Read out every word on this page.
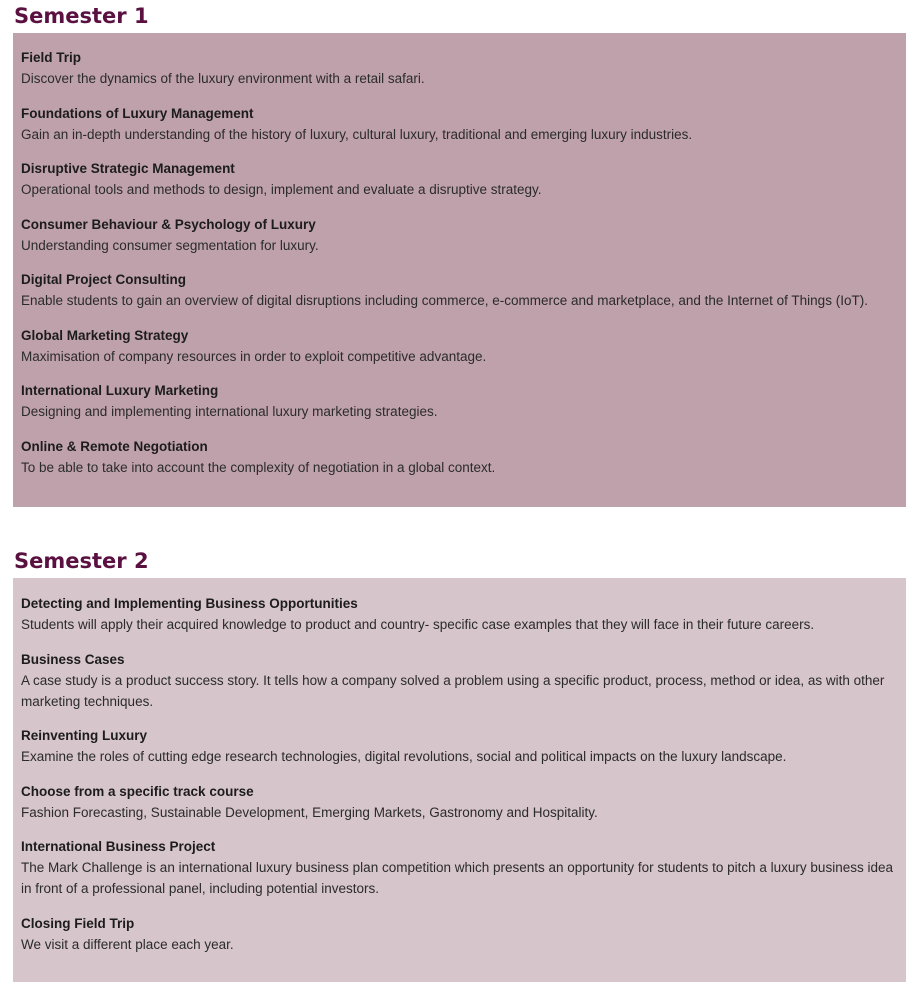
Semester 1

Field Trip

Discover the dynamics of the luxury environment with a retail safari.

Foundations of Luxury Management

Gain an in-depth understanding of the history of luxury, cultural luxury, traditional and emerging luxury industries.

Disruptive Strategic Management

Operational tools and methods to design, implement and evaluate a disruptive strategy.

Consumer Behaviour & Psychology of Luxury

Understanding consumer segmentation for luxury.

Digital Project Consulting

Enable students to gain an overview of digital disruptions including commerce, e-commerce and marketplace, and the Internet of Things (IoT).

Global Marketing Strategy

Maximisation of company resources in order to exploit competitive advantage.

International Luxury Marketing

Designing and implementing international luxury marketing strategies.

Online & Remote Negotiation

To be able to take into account the complexity of negotiation in a global context.

Semester 2

Detecting and Implementing Business Opportunities

Students will apply their acquired knowledge to product and country- specific case examples that they will face in their future careers.

Business Cases

A case study is a product success story. It tells how a company solved a problem using a specific product, process, method or idea, as with other marketing techniques.

Reinventing Luxury

Examine the roles of cutting edge research technologies, digital revolutions, social and political impacts on the luxury landscape.

Choose from a specific track course

Fashion Forecasting, Sustainable Development, Emerging Markets, Gastronomy and Hospitality.

International Business Project

The Mark Challenge is an international luxury business plan competition which presents an opportunity for students to pitch a luxury business idea in front of a professional panel, including potential investors.

Closing Field Trip

We visit a different place each year.
